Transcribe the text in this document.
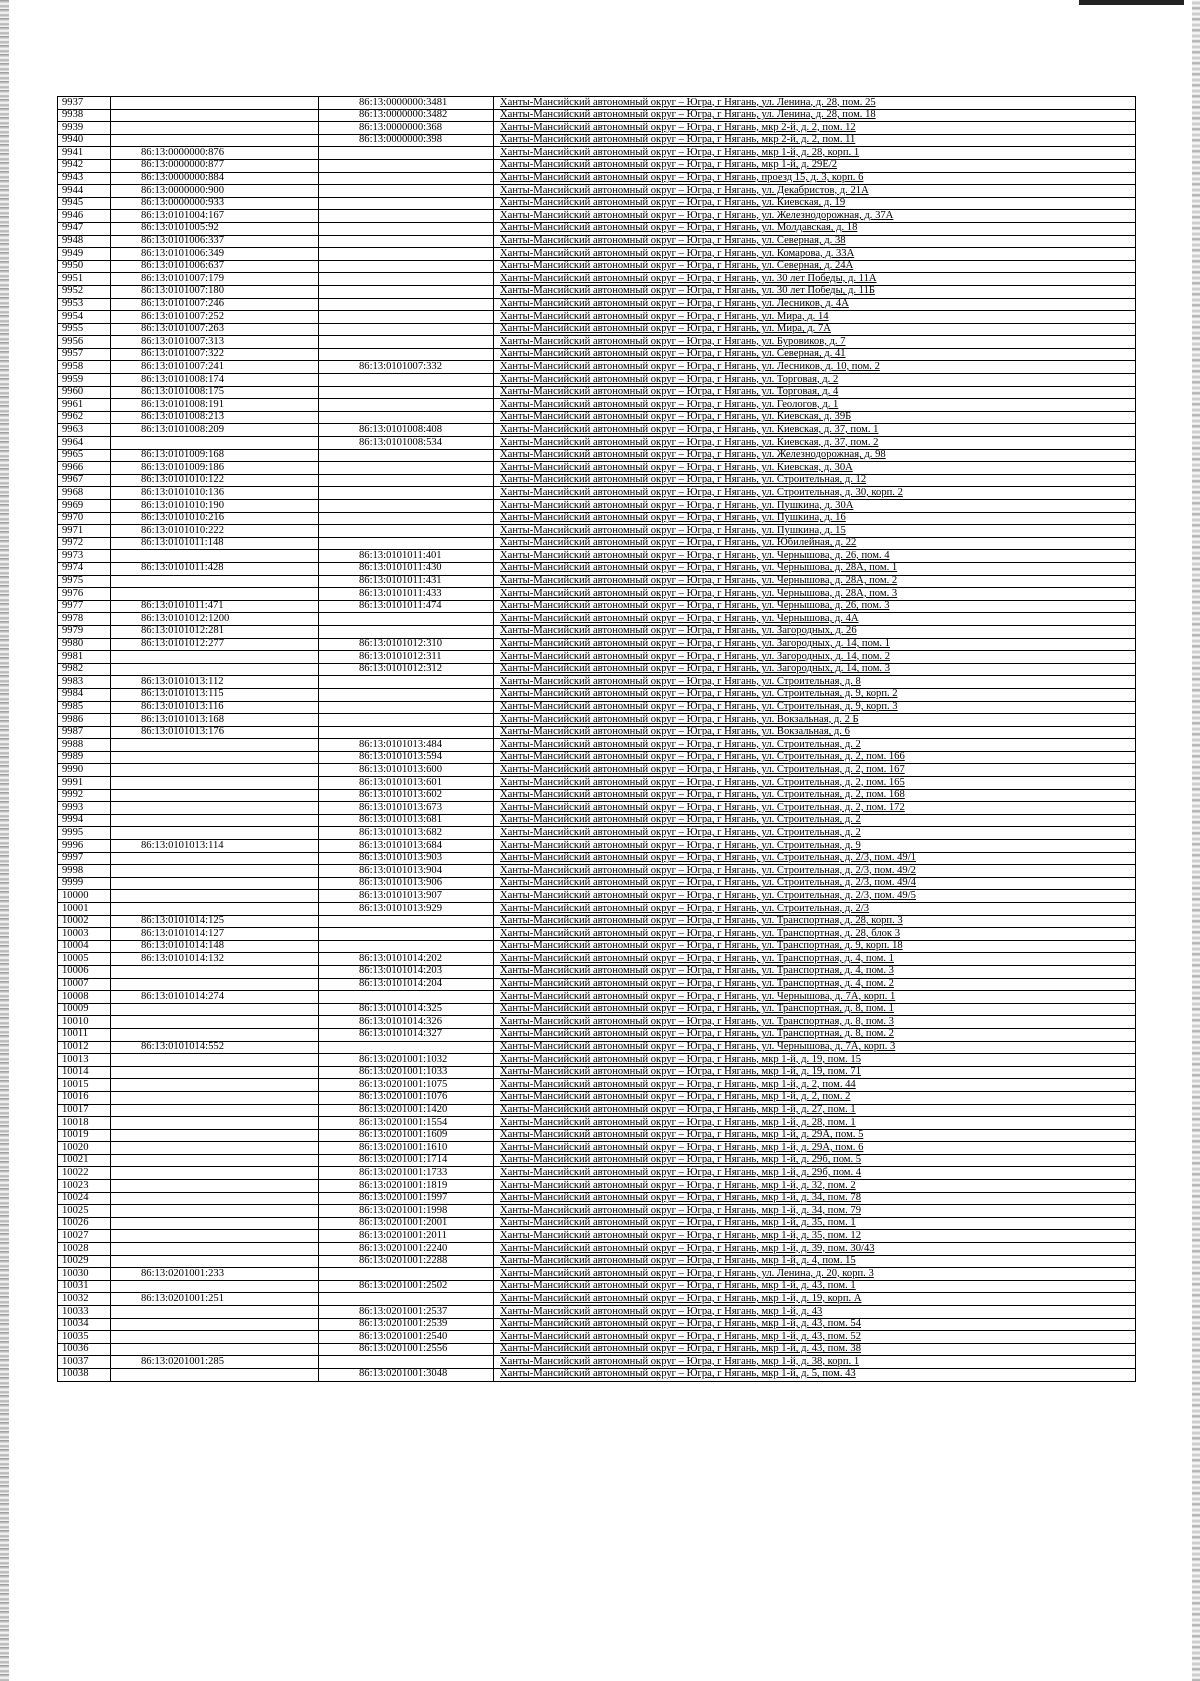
9937		86:13:0000000:3481	Ханты-Мансийский автономный округ – Югра, г Нягань, ул. Ленина, д. 28, пом. 25
9938		86:13:0000000:3482	Ханты-Мансийский автономный округ – Югра, г Нягань, ул. Ленина, д. 28, пом. 18
9939		86:13:0000000:368	Ханты-Мансийский автономный округ – Югра, г Нягань, мкр 2-й, д. 2, пом. 12
9940		86:13:0000000:398	Ханты-Мансийский автономный округ – Югра, г Нягань, мкр 2-й, д. 2, пом. 11
9941	86:13:0000000:876		Ханты-Мансийский автономный округ – Югра, г Нягань, мкр 1-й, д. 28, корп. 1
9942	86:13:0000000:877		Ханты-Мансийский автономный округ – Югра, г Нягань, мкр 1-й, д. 29Е/2
9943	86:13:0000000:884		Ханты-Мансийский автономный округ – Югра, г Нягань, проезд 15, д. 3, корп. 6
9944	86:13:0000000:900		Ханты-Мансийский автономный округ – Югра, г Нягань, ул. Декабристов, д. 21А
9945	86:13:0000000:933		Ханты-Мансийский автономный округ – Югра, г Нягань, ул. Киевская, д. 19
9946	86:13:0101004:167		Ханты-Мансийский автономный округ – Югра, г Нягань, ул. Железнодорожная, д. 37А
9947	86:13:0101005:92		Ханты-Мансийский автономный округ – Югра, г Нягань, ул. Молдавская, д. 18
9948	86:13:0101006:337		Ханты-Мансийский автономный округ – Югра, г Нягань, ул. Северная, д. 38
9949	86:13:0101006:349		Ханты-Мансийский автономный округ – Югра, г Нягань, ул. Комарова, д. 33А
9950	86:13:0101006:637		Ханты-Мансийский автономный округ – Югра, г Нягань, ул. Северная, д. 24А
9951	86:13:0101007:179		Ханты-Мансийский автономный округ – Югра, г Нягань, ул. 30 лет Победы, д. 11А
9952	86:13:0101007:180		Ханты-Мансийский автономный округ – Югра, г Нягань, ул. 30 лет Победы, д. 11Б
9953	86:13:0101007:246		Ханты-Мансийский автономный округ – Югра, г Нягань, ул. Лесников, д. 4А
9954	86:13:0101007:252		Ханты-Мансийский автономный округ – Югра, г Нягань, ул. Мира, д. 14
9955	86:13:0101007:263		Ханты-Мансийский автономный округ – Югра, г Нягань, ул. Мира, д. 7А
9956	86:13:0101007:313		Ханты-Мансийский автономный округ – Югра, г Нягань, ул. Буровиков, д. 7
9957	86:13:0101007:322		Ханты-Мансийский автономный округ – Югра, г Нягань, ул. Северная, д. 41
9958	86:13:0101007:241	86:13:0101007:332	Ханты-Мансийский автономный округ – Югра, г Нягань, ул. Лесников, д. 10, пом. 2
9959	86:13:0101008:174		Ханты-Мансийский автономный округ – Югра, г Нягань, ул. Торговая, д. 2
9960	86:13:0101008:175		Ханты-Мансийский автономный округ – Югра, г Нягань, ул. Торговая, д. 4
9961	86:13:0101008:191		Ханты-Мансийский автономный округ – Югра, г Нягань, ул. Геологов, д. 1
9962	86:13:0101008:213		Ханты-Мансийский автономный округ – Югра, г Нягань, ул. Киевская, д. 39Б
9963	86:13:0101008:209	86:13:0101008:408	Ханты-Мансийский автономный округ – Югра, г Нягань, ул. Киевская, д. 37, пом. 1
9964		86:13:0101008:534	Ханты-Мансийский автономный округ – Югра, г Нягань, ул. Киевская, д. 37, пом. 2
9965	86:13:0101009:168		Ханты-Мансийский автономный округ – Югра, г Нягань, ул. Железнодорожная, д. 98
9966	86:13:0101009:186		Ханты-Мансийский автономный округ – Югра, г Нягань, ул. Киевская, д. 30А
9967	86:13:0101010:122		Ханты-Мансийский автономный округ – Югра, г Нягань, ул. Строительная, д. 12
9968	86:13:0101010:136		Ханты-Мансийский автономный округ – Югра, г Нягань, ул. Строительная, д. 30, корп. 2
9969	86:13:0101010:190		Ханты-Мансийский автономный округ – Югра, г Нягань, ул. Пушкина, д. 30А
9970	86:13:0101010:216		Ханты-Мансийский автономный округ – Югра, г Нягань, ул. Пушкина, д. 16
9971	86:13:0101010:222		Ханты-Мансийский автономный округ – Югра, г Нягань, ул. Пушкина, д. 15
9972	86:13:0101011:148		Ханты-Мансийский автономный округ – Югра, г Нягань, ул. Юбилейная, д. 22
9973		86:13:0101011:401	Ханты-Мансийский автономный округ – Югра, г Нягань, ул. Чернышова, д. 26, пом. 4
9974	86:13:0101011:428	86:13:0101011:430	Ханты-Мансийский автономный округ – Югра, г Нягань, ул. Чернышова, д. 28А, пом. 1
9975		86:13:0101011:431	Ханты-Мансийский автономный округ – Югра, г Нягань, ул. Чернышова, д. 28А, пом. 2
9976		86:13:0101011:433	Ханты-Мансийский автономный округ – Югра, г Нягань, ул. Чернышова, д. 28А, пом. 3
9977	86:13:0101011:471	86:13:0101011:474	Ханты-Мансийский автономный округ – Югра, г Нягань, ул. Чернышова, д. 26, пом. 3
9978	86:13:0101012:1200		Ханты-Мансийский автономный округ – Югра, г Нягань, ул. Чернышова, д. 4А
9979	86:13:0101012:281		Ханты-Мансийский автономный округ – Югра, г Нягань, ул. Загородных, д. 26
9980	86:13:0101012:277	86:13:0101012:310	Ханты-Мансийский автономный округ – Югра, г Нягань, ул. Загородных, д. 14, пом. 1
9981		86:13:0101012:311	Ханты-Мансийский автономный округ – Югра, г Нягань, ул. Загородных, д. 14, пом. 2
9982		86:13:0101012:312	Ханты-Мансийский автономный округ – Югра, г Нягань, ул. Загородных, д. 14, пом. 3
9983	86:13:0101013:112		Ханты-Мансийский автономный округ – Югра, г Нягань, ул. Строительная, д. 8
9984	86:13:0101013:115		Ханты-Мансийский автономный округ – Югра, г Нягань, ул. Строительная, д. 9, корп. 2
9985	86:13:0101013:116		Ханты-Мансийский автономный округ – Югра, г Нягань, ул. Строительная, д. 9, корп. 3
9986	86:13:0101013:168		Ханты-Мансийский автономный округ – Югра, г Нягань, ул. Вокзальная, д. 2 Б
9987	86:13:0101013:176		Ханты-Мансийский автономный округ – Югра, г Нягань, ул. Вокзальная, д. 6
9988		86:13:0101013:484	Ханты-Мансийский автономный округ – Югра, г Нягань, ул. Строительная, д. 2
9989		86:13:0101013:594	Ханты-Мансийский автономный округ – Югра, г Нягань, ул. Строительная, д. 2, пом. 166
9990		86:13:0101013:600	Ханты-Мансийский автономный округ – Югра, г Нягань, ул. Строительная, д. 2, пом. 167
9991		86:13:0101013:601	Ханты-Мансийский автономный округ – Югра, г Нягань, ул. Строительная, д. 2, пом. 165
9992		86:13:0101013:602	Ханты-Мансийский автономный округ – Югра, г Нягань, ул. Строительная, д. 2, пом. 168
9993		86:13:0101013:673	Ханты-Мансийский автономный округ – Югра, г Нягань, ул. Строительная, д. 2, пом. 172
9994		86:13:0101013:681	Ханты-Мансийский автономный округ – Югра, г Нягань, ул. Строительная, д. 2
9995		86:13:0101013:682	Ханты-Мансийский автономный округ – Югра, г Нягань, ул. Строительная, д. 2
9996	86:13:0101013:114	86:13:0101013:684	Ханты-Мансийский автономный округ – Югра, г Нягань, ул. Строительная, д. 9
9997		86:13:0101013:903	Ханты-Мансийский автономный округ – Югра, г Нягань, ул. Строительная, д. 2/3, пом. 49/1
9998		86:13:0101013:904	Ханты-Мансийский автономный округ – Югра, г Нягань, ул. Строительная, д. 2/3, пом. 49/2
9999		86:13:0101013:906	Ханты-Мансийский автономный округ – Югра, г Нягань, ул. Строительная, д. 2/3, пом. 49/4
10000		86:13:0101013:907	Ханты-Мансийский автономный округ – Югра, г Нягань, ул. Строительная, д. 2/3, пом. 49/5
10001		86:13:0101013:929	Ханты-Мансийский автономный округ – Югра, г Нягань, ул. Строительная, д. 2/3
10002	86:13:0101014:125		Ханты-Мансийский автономный округ – Югра, г Нягань, ул. Транспортная, д. 28, корп. 3
10003	86:13:0101014:127		Ханты-Мансийский автономный округ – Югра, г Нягань, ул. Транспортная, д. 28, блок 3
10004	86:13:0101014:148		Ханты-Мансийский автономный округ – Югра, г Нягань, ул. Транспортная, д. 9, корп. 18
10005	86:13:0101014:132	86:13:0101014:202	Ханты-Мансийский автономный округ – Югра, г Нягань, ул. Транспортная, д. 4, пом. 1
10006		86:13:0101014:203	Ханты-Мансийский автономный округ – Югра, г Нягань, ул. Транспортная, д. 4, пом. 3
10007		86:13:0101014:204	Ханты-Мансийский автономный округ – Югра, г Нягань, ул. Транспортная, д. 4, пом. 2
10008	86:13:0101014:274		Ханты-Мансийский автономный округ – Югра, г Нягань, ул. Чернышова, д. 7А, корп. 1
10009		86:13:0101014:325	Ханты-Мансийский автономный округ – Югра, г Нягань, ул. Транспортная, д. 8, пом. 1
10010		86:13:0101014:326	Ханты-Мансийский автономный округ – Югра, г Нягань, ул. Транспортная, д. 8, пом. 3
10011		86:13:0101014:327	Ханты-Мансийский автономный округ – Югра, г Нягань, ул. Транспортная, д. 8, пом. 2
10012	86:13:0101014:552		Ханты-Мансийский автономный округ – Югра, г Нягань, ул. Чернышова, д. 7А, корп. 3
10013		86:13:0201001:1032	Ханты-Мансийский автономный округ – Югра, г Нягань, мкр 1-й, д. 19, пом. 15
10014		86:13:0201001:1033	Ханты-Мансийский автономный округ – Югра, г Нягань, мкр 1-й, д. 19, пом. 71
10015		86:13:0201001:1075	Ханты-Мансийский автономный округ – Югра, г Нягань, мкр 1-й, д. 2, пом. 44
10016		86:13:0201001:1076	Ханты-Мансийский автономный округ – Югра, г Нягань, мкр 1-й, д. 2, пом. 2
10017		86:13:0201001:1420	Ханты-Мансийский автономный округ – Югра, г Нягань, мкр 1-й, д. 27, пом. 1
10018		86:13:0201001:1554	Ханты-Мансийский автономный округ – Югра, г Нягань, мкр 1-й, д. 28, пом. 1
10019		86:13:0201001:1609	Ханты-Мансийский автономный округ – Югра, г Нягань, мкр 1-й, д. 29А, пом. 5
10020		86:13:0201001:1610	Ханты-Мансийский автономный округ – Югра, г Нягань, мкр 1-й, д. 29А, пом. 6
10021		86:13:0201001:1714	Ханты-Мансийский автономный округ – Югра, г Нягань, мкр 1-й, д. 29б, пом. 5
10022		86:13:0201001:1733	Ханты-Мансийский автономный округ – Югра, г Нягань, мкр 1-й, д. 29б, пом. 4
10023		86:13:0201001:1819	Ханты-Мансийский автономный округ – Югра, г Нягань, мкр 1-й, д. 32, пом. 2
10024		86:13:0201001:1997	Ханты-Мансийский автономный округ – Югра, г Нягань, мкр 1-й, д. 34, пом. 78
10025		86:13:0201001:1998	Ханты-Мансийский автономный округ – Югра, г Нягань, мкр 1-й, д. 34, пом. 79
10026		86:13:0201001:2001	Ханты-Мансийский автономный округ – Югра, г Нягань, мкр 1-й, д. 35, пом. 1
10027		86:13:0201001:2011	Ханты-Мансийский автономный округ – Югра, г Нягань, мкр 1-й, д. 35, пом. 12
10028		86:13:0201001:2240	Ханты-Мансийский автономный округ – Югра, г Нягань, мкр 1-й, д. 39, пом. 30/43
10029		86:13:0201001:2288	Ханты-Мансийский автономный округ – Югра, г Нягань, мкр 1-й, д. 4, пом. 15
10030	86:13:0201001:233		Ханты-Мансийский автономный округ – Югра, г Нягань, ул. Ленина, д. 20, корп. 3
10031		86:13:0201001:2502	Ханты-Мансийский автономный округ – Югра, г Нягань, мкр 1-й, д. 43, пом. 1
10032	86:13:0201001:251		Ханты-Мансийский автономный округ – Югра, г Нягань, мкр 1-й, д. 19, корп. А
10033		86:13:0201001:2537	Ханты-Мансийский автономный округ – Югра, г Нягань, мкр 1-й, д. 43
10034		86:13:0201001:2539	Ханты-Мансийский автономный округ – Югра, г Нягань, мкр 1-й, д. 43, пом. 54
10035		86:13:0201001:2540	Ханты-Мансийский автономный округ – Югра, г Нягань, мкр 1-й, д. 43, пом. 52
10036		86:13:0201001:2556	Ханты-Мансийский автономный округ – Югра, г Нягань, мкр 1-й, д. 43, пом. 38
10037	86:13:0201001:285		Ханты-Мансийский автономный округ – Югра, г Нягань, мкр 1-й, д. 38, корп. 1
10038		86:13:0201001:3048	Ханты-Мансийский автономный округ – Югра, г Нягань, мкр 1-й, д. 5, пом. 43
